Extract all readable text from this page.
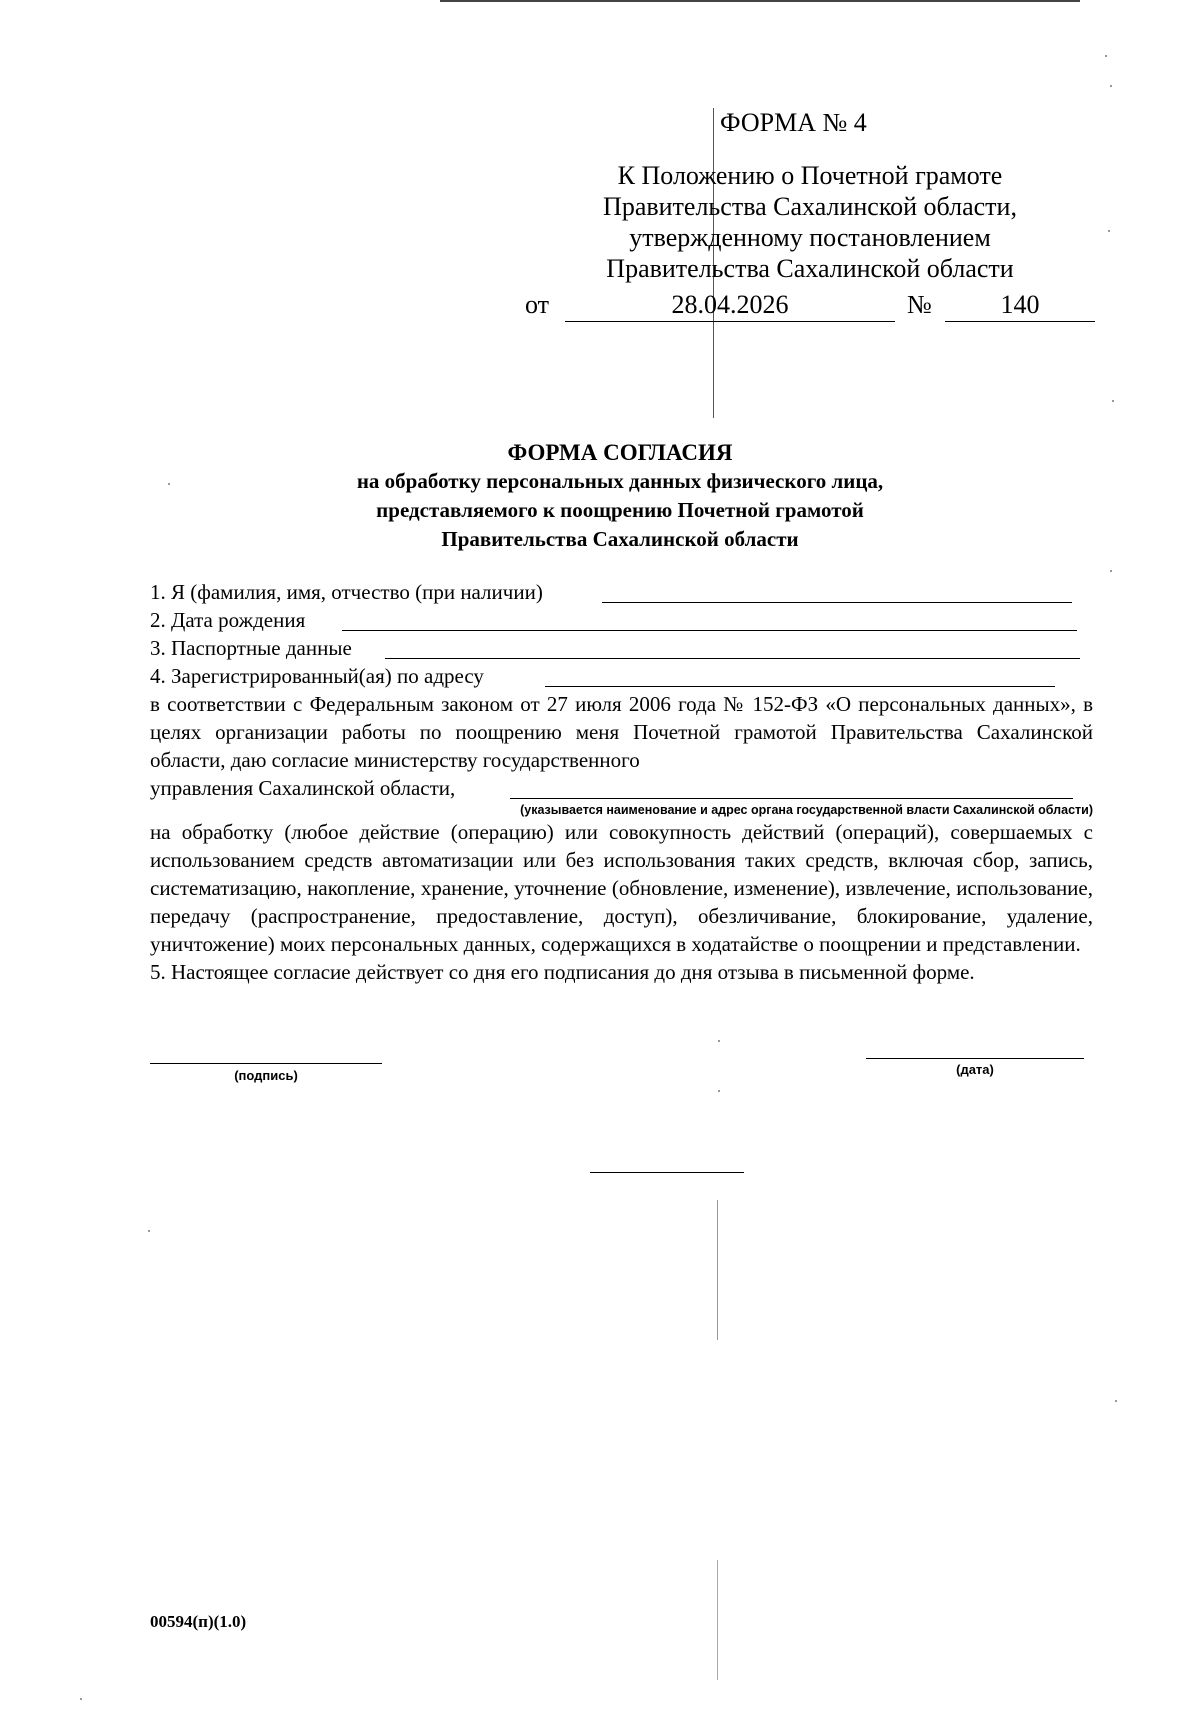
ФОРМА № 4
К Положению о Почетной грамоте
Правительства Сахалинской области,
утвержденному постановлением
Правительства Сахалинской области
от	28.04.2026	№	140
ФОРМА СОГЛАСИЯ
на обработку персональных данных физического лица,
представляемого к поощрению Почетной грамотой
Правительства Сахалинской области
1. Я (фамилия, имя, отчество (при наличии)
2. Дата рождения
3. Паспортные данные
4. Зарегистрированный(ая) по адресу
в соответствии с Федеральным законом от 27 июля 2006 года № 152-ФЗ «О персональных данных», в целях организации работы по поощрению меня Почетной грамотой Правительства Сахалинской области, даю согласие министерству государственного
управления Сахалинской области,
(указывается наименование и адрес органа государственной власти Сахалинской области)
на обработку (любое действие (операцию) или совокупность действий (операций), совершаемых с использованием средств автоматизации или без использования таких средств, включая сбор, запись, систематизацию, накопление, хранение, уточнение (обновление, изменение), извлечение, использование, передачу (распространение, предоставление, доступ), обезличивание, блокирование, удаление, уничтожение) моих персональных данных, содержащихся в ходатайстве о поощрении и представлении.
5. Настоящее согласие действует со дня его подписания до дня отзыва в письменной форме.
(подпись)	(дата)
00594(п)(1.0)
